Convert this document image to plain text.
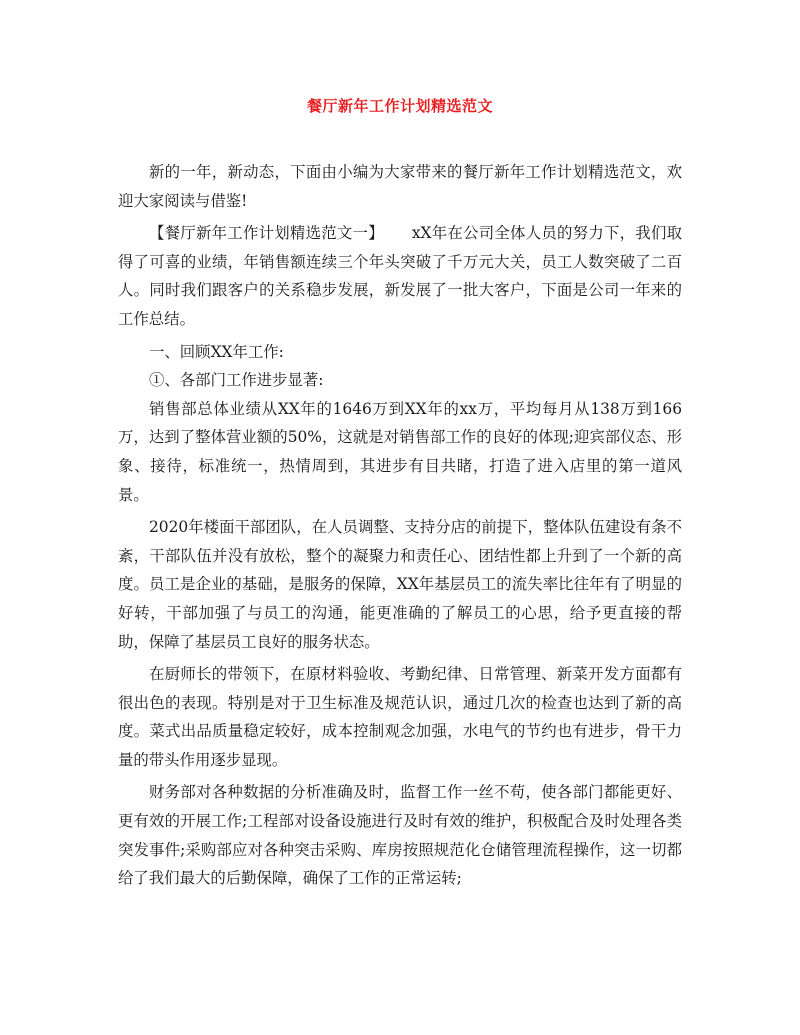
餐厅新年工作计划精选范文

新的一年，新动态，下面由小编为大家带来的餐厅新年工作计划精选范文，欢迎大家阅读与借鉴!

【餐厅新年工作计划精选范文一】 xX年在公司全体人员的努力下，我们取得了可喜的业绩，年销售额连续三个年头突破了千万元大关，员工人数突破了二百人。同时我们跟客户的关系稳步发展，新发展了一批大客户，下面是公司一年来的工作总结。

一、回顾XX年工作:

①、各部门工作进步显著:

销售部总体业绩从XX年的1646万到XX年的xx万，平均每月从138万到166万，达到了整体营业额的50%，这就是对销售部工作的良好的体现;迎宾部仪态、形象、接待，标准统一，热情周到，其进步有目共睹，打造了进入店里的第一道风景。

2020年楼面干部团队，在人员调整、支持分店的前提下，整体队伍建设有条不紊，干部队伍并没有放松，整个的凝聚力和责任心、团结性都上升到了一个新的高度。员工是企业的基础，是服务的保障，XX年基层员工的流失率比往年有了明显的好转，干部加强了与员工的沟通，能更准确的了解员工的心思，给予更直接的帮助，保障了基层员工良好的服务状态。

在厨师长的带领下，在原材料验收、考勤纪律、日常管理、新菜开发方面都有很出色的表现。特别是对于卫生标准及规范认识，通过几次的检查也达到了新的高度。菜式出品质量稳定较好，成本控制观念加强，水电气的节约也有进步，骨干力量的带头作用逐步显现。

财务部对各种数据的分析准确及时，监督工作一丝不苟，使各部门都能更好、更有效的开展工作;工程部对设备设施进行及时有效的维护，积极配合及时处理各类突发事件;采购部应对各种突击采购、库房按照规范化仓储管理流程操作，这一切都给了我们最大的后勤保障，确保了工作的正常运转;
